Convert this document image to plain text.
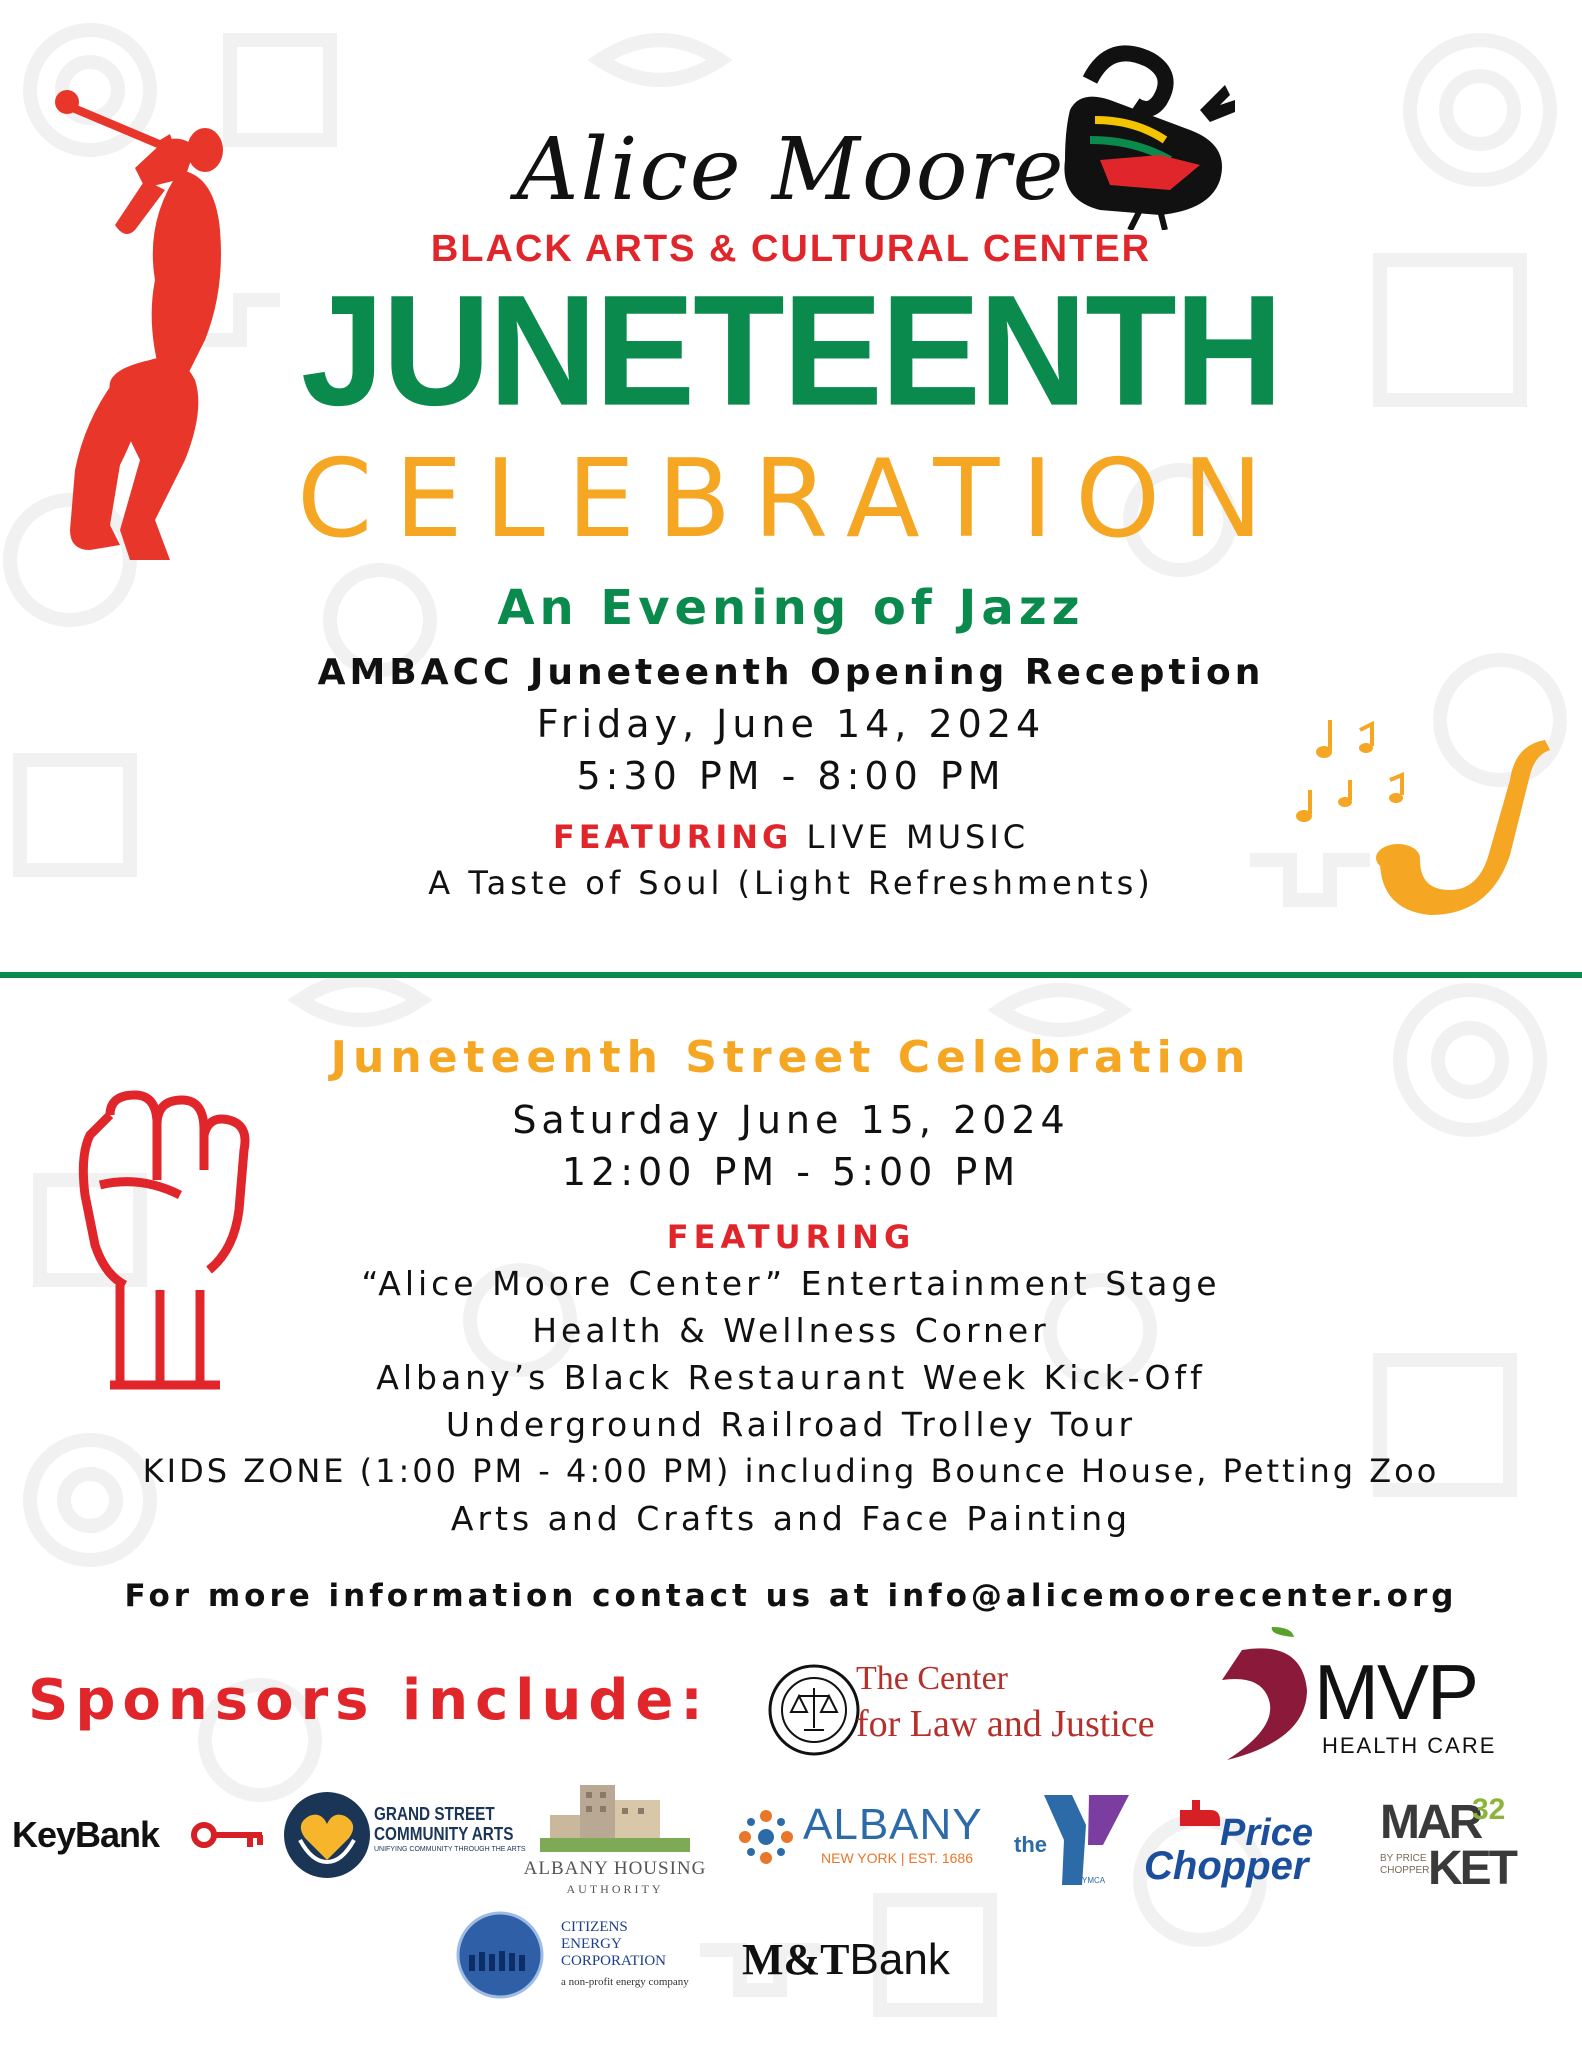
Alice Moore
BLACK ARTS & CULTURAL CENTER
JUNETEENTH
CELEBRATION
An Evening of Jazz
AMBACC Juneteenth Opening Reception
Friday, June 14, 2024
5:30 PM - 8:00 PM
FEATURING LIVE MUSIC
A Taste of Soul (Light Refreshments)
Juneteenth Street Celebration
Saturday June 15, 2024
12:00 PM - 5:00 PM
FEATURING
“Alice Moore Center” Entertainment Stage
Health & Wellness Corner
Albany’s Black Restaurant Week Kick-Off
Underground Railroad Trolley Tour
KIDS ZONE (1:00 PM - 4:00 PM) including Bounce House, Petting Zoo
Arts and Crafts and Face Painting
For more information contact us at info@alicemoorecenter.org
Sponsors include:	The Center
for Law and Justice MVP
HEALTH CARE
KeyBank	GRAND STREET
COMMUNITY ARTS
UNIFYING COMMUNITY THROUGH THE ARTS
ALBANY HOUSING
AUTHORITY
ALBANY
NEW YORK | EST. 1686
the
YMCA
Price
Chopper
MAR
32
KET
BY PRICE CHOPPER
CITIZENS
ENERGY
CORPORATION
a non-profit energy company M&TBank
